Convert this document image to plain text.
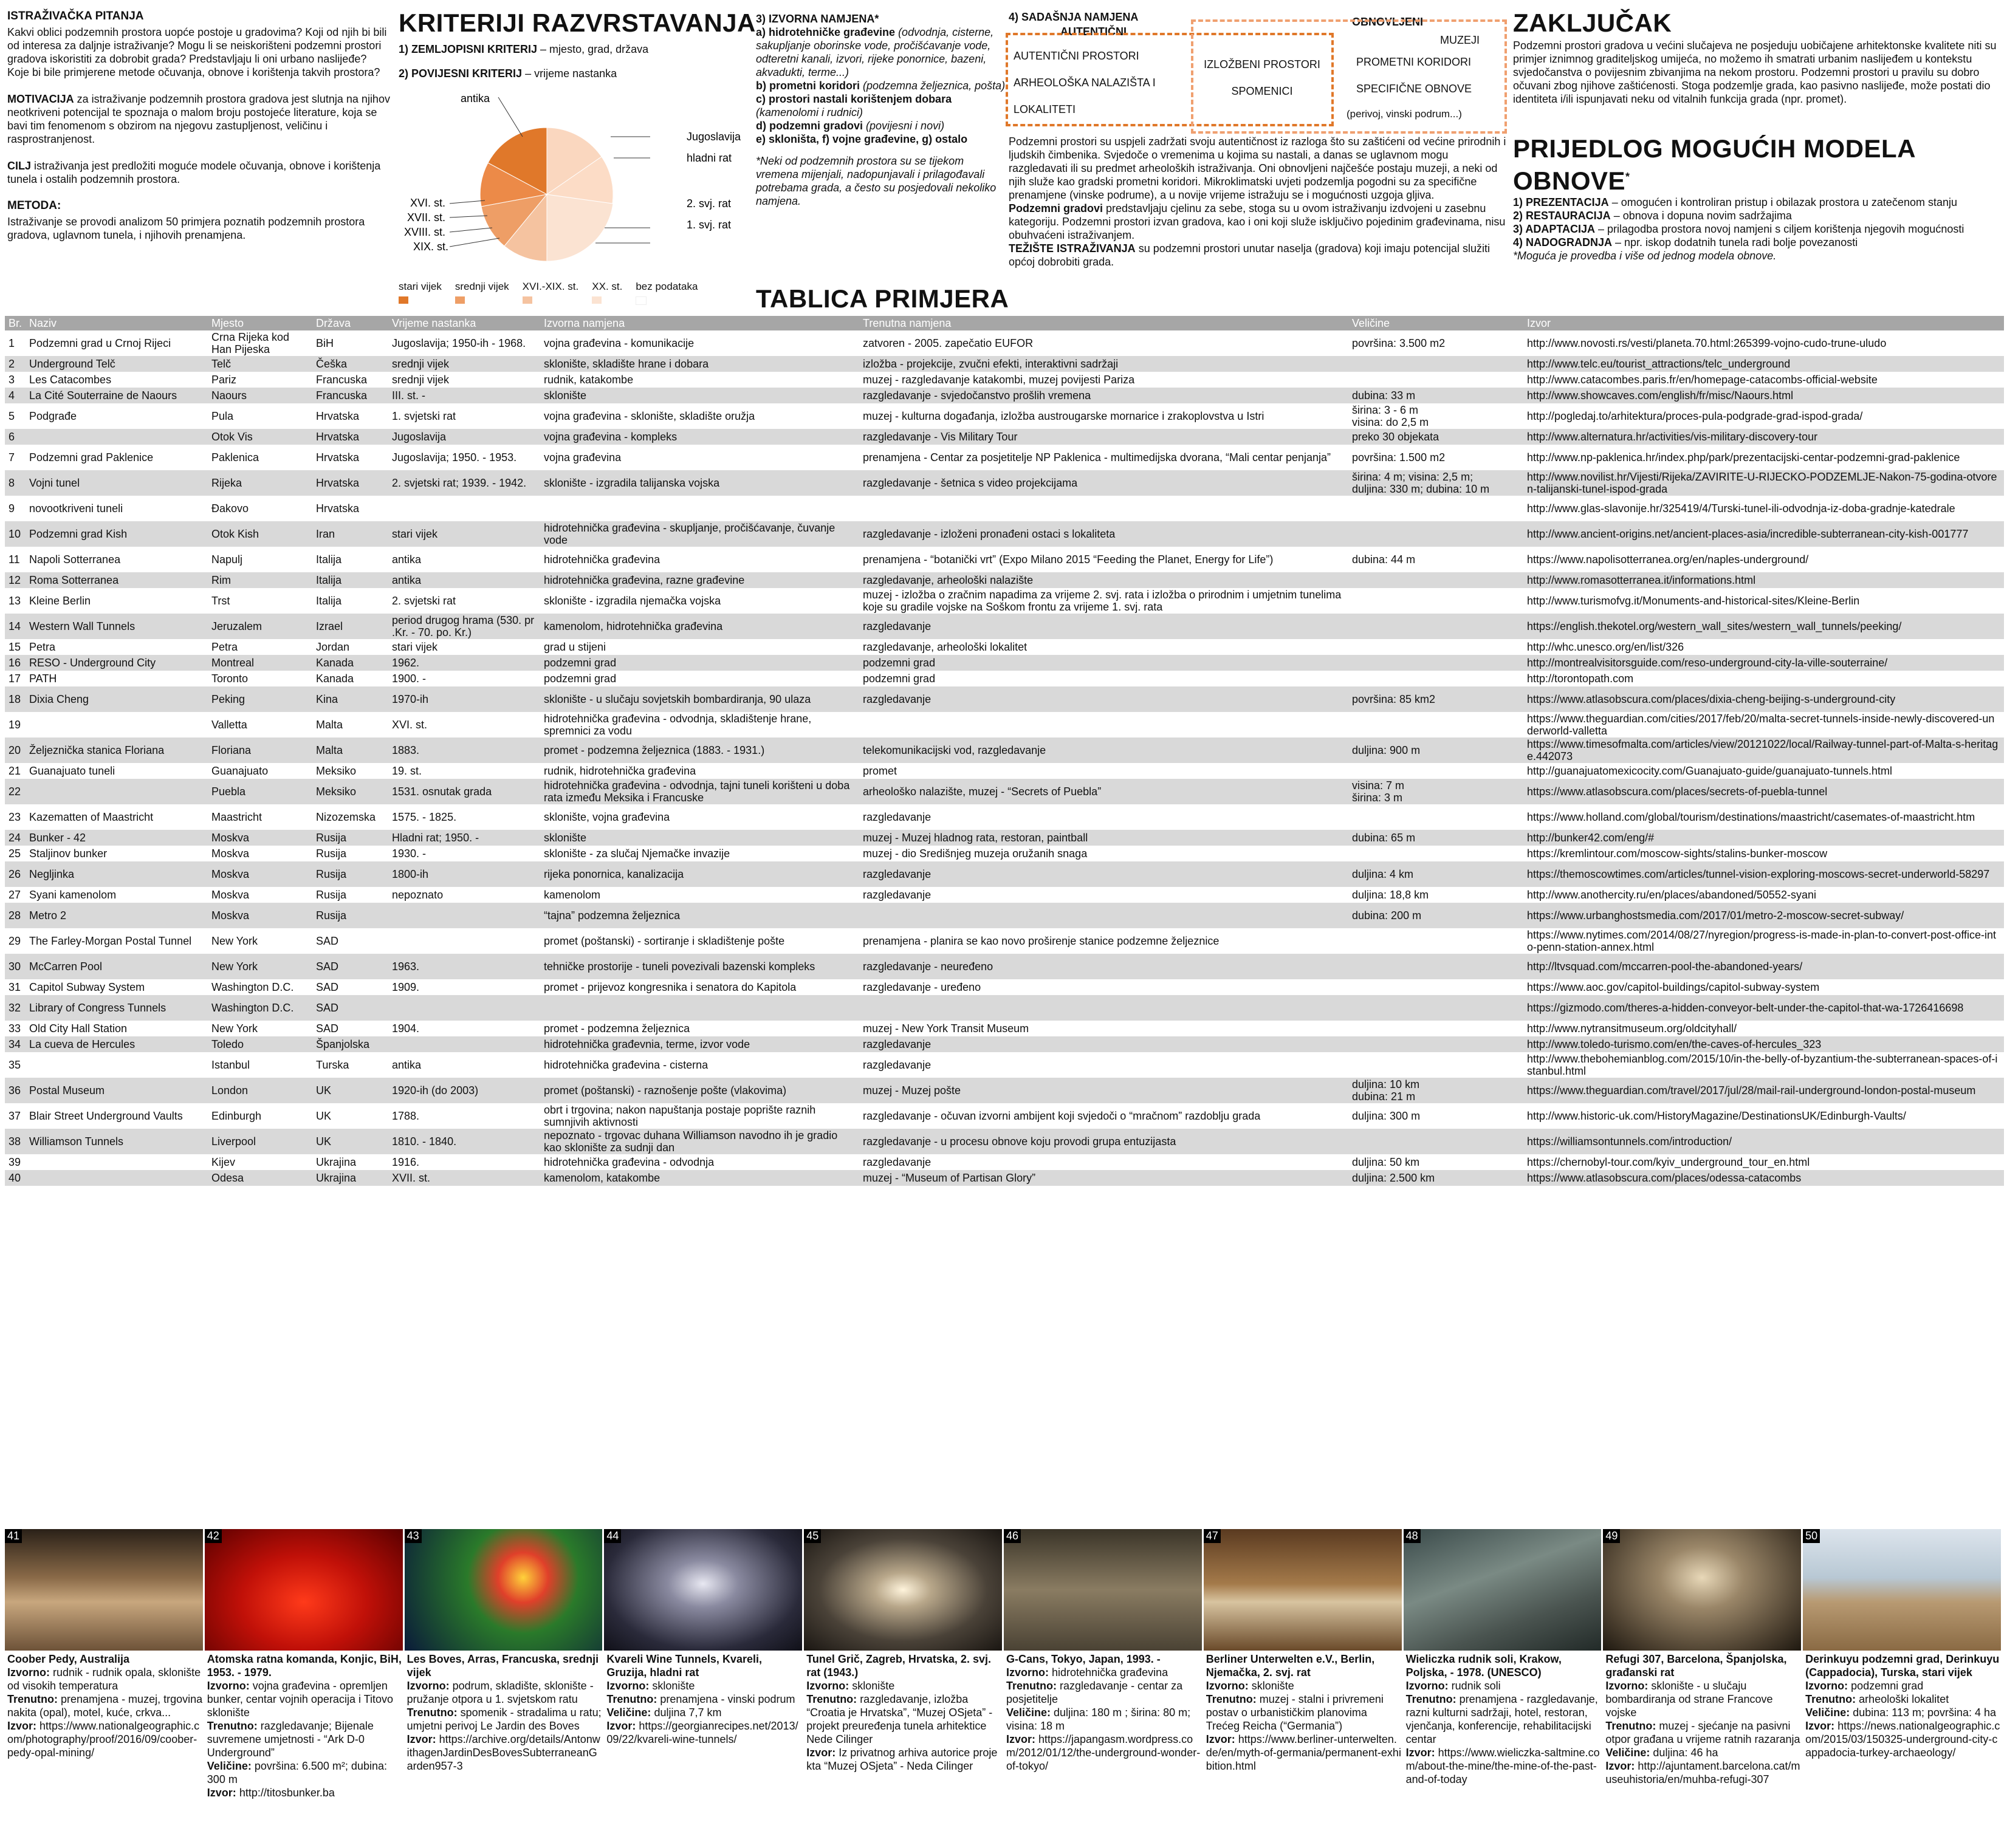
ISTRAŽIVAČKA PITANJA

Kakvi oblici podzemnih prostora uopće postoje u gradovima? Koji od njih bi bili od interesa za daljnje istraživanje? Mogu li se neiskorišteni podzemni prostori gradova iskoristiti za dobrobit grada? Predstavljaju li oni urbano naslijeđe? Koje bi bile primjerene metode očuvanja, obnove i korištenja takvih prostora?

MOTIVACIJA za istraživanje podzemnih prostora gradova jest slutnja na njihov neotkriveni potencijal te spoznaja o malom broju postojeće literature, koja se bavi tim fenomenom s obzirom na njegovu zastupljenost, veličinu i rasprostranjenost.

CILJ istraživanja jest predložiti moguće modele očuvanja, obnove i korištenja tunela i ostalih podzemnih prostora.

METODA:

Istraživanje se provodi analizom 50 primjera poznatih podzemnih prostora gradova, uglavnom tunela, i njihovih prenamjena.

KRITERIJI RAZVRSTAVANJA
1) ZEMLJOPISNI KRITERIJ – mjesto, grad, država
2) POVIJESNI KRITERIJ – vrijeme nastanka
antika
Jugoslavija
hladni rat
2. svj. rat
1. svj. rat
XVI. st.
XVII. st.
XVIII. st.
XIX. st.
stari vijek srednji vijek XVI.-XIX. st. XX. st. bez podataka
3) IZVORNA NAMJENA*
a) hidrotehničke građevine (odvodnja, cisterne, sakupljanje oborinske vode, pročišćavanje vode, odteretni kanali, izvori, rijeke ponornice, bazeni, akvadukti, terme...)
b) prometni koridori (podzemna željeznica, pošta)
c) prostori nastali korištenjem dobara (kamenolomi i rudnici)
d) podzemni gradovi (povijesni i novi)
e) skloništa, f) vojne građevine, g) ostalo
*Neki od podzemnih prostora su se tijekom vremena mijenjali, nadopunjavali i prilagođavali potrebama grada, a često su posjedovali nekoliko namjena.
TABLICA PRIMJERA
4) SADAŠNJA NAMJENA
AUTENTIČNI
OBNOVLJENI
AUTENTIČNI PROSTORI
ARHEOLOŠKA NALAZIŠTA I
LOKALITETI
IZLOŽBENI PROSTORI
SPOMENICI
MUZEJI
PROMETNI KORIDORI
SPECIFIČNE OBNOVE
(perivoj, vinski podrum...)
Podzemni prostori su uspjeli zadržati svoju autentičnost iz razloga što su zaštićeni od većine prirodnih i ljudskih čimbenika. Svjedoče o vremenima u kojima su nastali, a danas se uglavnom mogu razgledavati ili su predmet arheoloških istraživanja. Oni obnovljeni najčešće postaju muzeji, a neki od njih služe kao gradski prometni koridori. Mikroklimatski uvjeti podzemlja pogodni su za specifične prenamjene (vinske podrume), a u novije vrijeme istražuju se i mogućnosti uzgoja gljiva.
Podzemni gradovi predstavljaju cjelinu za sebe, stoga su u ovom istraživanju izdvojeni u zasebnu kategoriju. Podzemni prostori izvan gradova, kao i oni koji služe isključivo pojedinim građevinama, nisu obuhvaćeni istraživanjem.
TEŽIŠTE ISTRAŽIVANJA su podzemni prostori unutar naselja (gradova) koji imaju potencijal služiti općoj dobrobiti grada.
ZAKLJUČAK
Podzemni prostori gradova u većini slučajeva ne posjeduju uobičajene arhitektonske kvalitete niti su primjer iznimnog graditeljskog umijeća, no možemo ih smatrati urbanim naslijeđem u kontekstu svjedočanstva o povijesnim zbivanjima na nekom prostoru. Podzemni prostori u pravilu su dobro očuvani zbog njihove zaštićenosti. Stoga podzemlje grada, kao pasivno naslijeđe, može postati dio identiteta i/ili ispunjavati neku od vitalnih funkcija grada (npr. promet).
PRIJEDLOG MOGUĆIH MODELA OBNOVE*
1) PREZENTACIJA – omogućen i kontroliran pristup i obilazak prostora u zatečenom stanju
2) RESTAURACIJA – obnova i dopuna novim sadržajima
3) ADAPTACIJA – prilagodba prostora novoj namjeni s ciljem korištenja njegovih mogućnosti
4) NADOGRADNJA – npr. iskop dodatnih tunela radi bolje povezanosti
*Moguća je provedba i više od jednog modela obnove.
Br.	Naziv	Mjesto	Država	Vrijeme nastanka	Izvorna namjena	Trenutna namjena	Veličine	Izvor
1	Podzemni grad u Crnoj Rijeci	Crna Rijeka kod Han Pijeska	BiH	Jugoslavija; 1950-ih - 1968.	vojna građevina - komunikacije	zatvoren - 2005. zapečatio EUFOR	površina: 3.500 m2	http://www.novosti.rs/vesti/planeta.70.html:265399-vojno-cudo-trune-uludo
2	Underground Telč	Telč	Češka	srednji vijek	sklonište, skladište hrane i dobara	izložba - projekcije, zvučni efekti, interaktivni sadržaji		http://www.telc.eu/tourist_attractions/telc_underground
3	Les Catacombes	Pariz	Francuska	srednji vijek	rudnik, katakombe	muzej - razgledavanje katakombi, muzej povijesti Pariza		http://www.catacombes.paris.fr/en/homepage-catacombs-official-website
4	La Cité Souterraine de Naours	Naours	Francuska	III. st. -	sklonište	razgledavanje - svjedočanstvo prošlih vremena	dubina: 33 m	http://www.showcaves.com/english/fr/misc/Naours.html
5	Podgrađe	Pula	Hrvatska	1. svjetski rat	vojna građevina - sklonište, skladište oružja	muzej - kulturna događanja, izložba austrougarske mornarice i zrakoplovstva u Istri	širina: 3 - 6 m
visina: do 2,5 m	http://pogledaj.to/arhitektura/proces-pula-podgrade-grad-ispod-grada/
6		Otok Vis	Hrvatska	Jugoslavija	vojna građevina - kompleks	razgledavanje - Vis Military Tour	preko 30 objekata	http://www.alternatura.hr/activities/vis-military-discovery-tour
7	Podzemni grad Paklenice	Paklenica	Hrvatska	Jugoslavija; 1950. - 1953.	vojna građevina	prenamjena - Centar za posjetitelje NP Paklenica - multimedijska dvorana, “Mali centar penjanja”	površina: 1.500 m2	http://www.np-paklenica.hr/index.php/park/prezentacijski-centar-podzemni-grad-paklenice
8	Vojni tunel	Rijeka	Hrvatska	2. svjetski rat; 1939. - 1942.	sklonište - izgradila talijanska vojska	razgledavanje - šetnica s video projekcijama	širina: 4 m; visina: 2,5 m;
duljina: 330 m; dubina: 10 m	http://www.novilist.hr/Vijesti/Rijeka/ZAVIRITE-U-RIJECKO-PODZEMLJE-Nakon-75-godina-otvoren-talijanski-tunel-ispod-grada
9	novootkriveni tuneli	Đakovo	Hrvatska					http://www.glas-slavonije.hr/325419/4/Turski-tunel-ili-odvodnja-iz-doba-gradnje-katedrale
10	Podzemni grad Kish	Otok Kish	Iran	stari vijek	hidrotehnička građevina - skupljanje, pročišćavanje, čuvanje vode	razgledavanje - izloženi pronađeni ostaci s lokaliteta		http://www.ancient-origins.net/ancient-places-asia/incredible-subterranean-city-kish-001777
11	Napoli Sotterranea	Napulj	Italija	antika	hidrotehnička građevina	prenamjena - “botanički vrt” (Expo Milano 2015 “Feeding the Planet, Energy for Life”)	dubina: 44 m	https://www.napolisotterranea.org/en/naples-underground/
12	Roma Sotterranea	Rim	Italija	antika	hidrotehnička građevina, razne građevine	razgledavanje, arheološki nalazište		http://www.romasotterranea.it/informations.html
13	Kleine Berlin	Trst	Italija	2. svjetski rat	sklonište - izgradila njemačka vojska	muzej - izložba o zračnim napadima za vrijeme 2. svj. rata i izložba o prirodnim i umjetnim tunelima koje su gradile vojske na Soškom frontu za vrijeme 1. svj. rata		http://www.turismofvg.it/Monuments-and-historical-sites/Kleine-Berlin
14	Western Wall Tunnels	Jeruzalem	Izrael	period drugog hrama (530. pr .Kr. - 70. po. Kr.)	kamenolom, hidrotehnička građevina	razgledavanje		https://english.thekotel.org/western_wall_sites/western_wall_tunnels/peeking/
15	Petra	Petra	Jordan	stari vijek	grad u stijeni	razgledavanje, arheološki lokalitet		http://whc.unesco.org/en/list/326
16	RESO - Underground City	Montreal	Kanada	1962.	podzemni grad	podzemni grad		http://montrealvisitorsguide.com/reso-underground-city-la-ville-souterraine/
17	PATH	Toronto	Kanada	1900. -	podzemni grad	podzemni grad		http://torontopath.com
18	Dixia Cheng	Peking	Kina	1970-ih	sklonište - u slučaju sovjetskih bombardiranja, 90 ulaza	razgledavanje	površina: 85 km2	https://www.atlasobscura.com/places/dixia-cheng-beijing-s-underground-city
19		Valletta	Malta	XVI. st.	hidrotehnička građevina - odvodnja, skladištenje hrane, spremnici za vodu			https://www.theguardian.com/cities/2017/feb/20/malta-secret-tunnels-inside-newly-discovered-underworld-valletta
20	Željeznička stanica Floriana	Floriana	Malta	1883.	promet - podzemna željeznica (1883. - 1931.)	telekomunikacijski vod, razgledavanje	duljina: 900 m	https://www.timesofmalta.com/articles/view/20121022/local/Railway-tunnel-part-of-Malta-s-heritage.442073
21	Guanajuato tuneli	Guanajuato	Meksiko	19. st.	rudnik, hidrotehnička građevina	promet		http://guanajuatomexicocity.com/Guanajuato-guide/guanajuato-tunnels.html
22		Puebla	Meksiko	1531. osnutak grada	hidrotehnička građevina - odvodnja, tajni tuneli korišteni u doba rata između Meksika i Francuske	arheološko nalazište, muzej - “Secrets of Puebla”	visina: 7 m
širina: 3 m	https://www.atlasobscura.com/places/secrets-of-puebla-tunnel
23	Kazematten of Maastricht	Maastricht	Nizozemska	1575. - 1825.	sklonište, vojna građevina	razgledavanje		https://www.holland.com/global/tourism/destinations/maastricht/casemates-of-maastricht.htm
24	Bunker - 42	Moskva	Rusija	Hladni rat; 1950. -	sklonište	muzej - Muzej hladnog rata, restoran, paintball	dubina: 65 m	http://bunker42.com/eng/#
25	Staljinov bunker	Moskva	Rusija	1930. -	sklonište - za slučaj Njemačke invazije	muzej - dio Središnjeg muzeja oružanih snaga		https://kremlintour.com/moscow-sights/stalins-bunker-moscow
26	Negljinka	Moskva	Rusija	1800-ih	rijeka ponornica, kanalizacija	razgledavanje	duljina: 4 km	https://themoscowtimes.com/articles/tunnel-vision-exploring-moscows-secret-underworld-58297
27	Syani kamenolom	Moskva	Rusija	nepoznato	kamenolom	razgledavanje	duljina: 18,8 km	http://www.anothercity.ru/en/places/abandoned/50552-syani
28	Metro 2	Moskva	Rusija		“tajna” podzemna željeznica		dubina: 200 m	https://www.urbanghostsmedia.com/2017/01/metro-2-moscow-secret-subway/
29	The Farley-Morgan Postal Tunnel	New York	SAD		promet (poštanski) - sortiranje i skladištenje pošte	prenamjena - planira se kao novo proširenje stanice podzemne željeznice		https://www.nytimes.com/2014/08/27/nyregion/progress-is-made-in-plan-to-convert-post-office-into-penn-station-annex.html
30	McCarren Pool	New York	SAD	1963.	tehničke prostorije - tuneli povezivali bazenski kompleks	razgledavanje - neuređeno		http://ltvsquad.com/mccarren-pool-the-abandoned-years/
31	Capitol Subway System	Washington D.C.	SAD	1909.	promet - prijevoz kongresnika i senatora do Kapitola	razgledavanje - uređeno		https://www.aoc.gov/capitol-buildings/capitol-subway-system
32	Library of Congress Tunnels	Washington D.C.	SAD					https://gizmodo.com/theres-a-hidden-conveyor-belt-under-the-capitol-that-wa-1726416698
33	Old City Hall Station	New York	SAD	1904.	promet - podzemna željeznica	muzej - New York Transit Museum		http://www.nytransitmuseum.org/oldcityhall/
34	La cueva de Hercules	Toledo	Španjolska		hidrotehnička građevnia, terme, izvor vode	razgledavanje		http://www.toledo-turismo.com/en/the-caves-of-hercules_323
35		Istanbul	Turska	antika	hidrotehnička građevina - cisterna	razgledavanje		http://www.thebohemianblog.com/2015/10/in-the-belly-of-byzantium-the-subterranean-spaces-of-istanbul.html
36	Postal Museum	London	UK	1920-ih (do 2003)	promet (poštanski) - raznošenje pošte (vlakovima)	muzej - Muzej pošte	duljina: 10 km
dubina: 21 m	https://www.theguardian.com/travel/2017/jul/28/mail-rail-underground-london-postal-museum
37	Blair Street Underground Vaults	Edinburgh	UK	1788.	obrt i trgovina; nakon napuštanja postaje poprište raznih sumnjivih aktivnosti	razgledavanje - očuvan izvorni ambijent koji svjedoči o “mračnom” razdoblju grada	duljina: 300 m	http://www.historic-uk.com/HistoryMagazine/DestinationsUK/Edinburgh-Vaults/
38	Williamson Tunnels	Liverpool	UK	1810. - 1840.	nepoznato - trgovac duhana Williamson navodno ih je gradio kao sklonište za sudnji dan	razgledavanje - u procesu obnove koju provodi grupa entuzijasta		https://williamsontunnels.com/introduction/
39		Kijev	Ukrajina	1916.	hidrotehnička građevina - odvodnja	razgledavanje	duljina: 50 km	https://chernobyl-tour.com/kyiv_underground_tour_en.html
40		Odesa	Ukrajina	XVII. st.	kamenolom, katakombe	muzej - “Museum of Partisan Glory”	duljina: 2.500 km	https://www.atlasobscura.com/places/odessa-catacombs
41	42	43	44	45	46	47	48	49	50
Coober Pedy, Australija
Izvorno: rudnik - rudnik opala, sklonište od visokih temperatura
Trenutno: prenamjena - muzej, trgovina nakita (opal), motel, kuće, crkva...
Izvor: https://www.nationalgeographic.com/photography/proof/2016/09/coober-pedy-opal-mining/
Atomska ratna komanda, Konjic, BiH, 1953. - 1979.
Izvorno: vojna građevina - opremljen bunker, centar vojnih operacija i Titovo sklonište
Trenutno: razgledavanje; Bijenale suvremene umjetnosti - “Ark D-0 Underground”
Veličine: površina: 6.500 m²; dubina: 300 m
Izvor: http://titosbunker.ba
Les Boves, Arras, Francuska, srednji vijek
Izvorno: podrum, skladište, sklonište - pružanje otpora u 1. svjetskom ratu
Trenutno: spomenik - stradalima u ratu; umjetni perivoj Le Jardin des Boves
Izvor: https://archive.org/details/AntonwithagenJardinDesBovesSubterraneanGarden957-3
Kvareli Wine Tunnels, Kvareli, Gruzija, hladni rat
Izvorno: sklonište
Trenutno: prenamjena - vinski podrum
Veličine: duljina 7,7 km
Izvor: https://georgianrecipes.net/2013/09/22/kvareli-wine-tunnels/
Tunel Grič, Zagreb, Hrvatska, 2. svj. rat (1943.)
Izvorno: sklonište
Trenutno: razgledavanje, izložba “Croatia je Hrvatska”, “Muzej OSjeta” - projekt preuređenja tunela arhitektice Nede Cilinger
Izvor: Iz privatnog arhiva autorice projekta “Muzej OSjeta” - Neda Cilinger
G-Cans, Tokyo, Japan, 1993. -
Izvorno: hidrotehnička građevina
Trenutno: razgledavanje - centar za posjetitelje
Veličine: duljina: 180 m ; širina: 80 m; visina: 18 m
Izvor: https://japangasm.wordpress.com/2012/01/12/the-underground-wonder-of-tokyo/
Berliner Unterwelten e.V., Berlin, Njemačka, 2. svj. rat
Izvorno: sklonište
Trenutno: muzej - stalni i privremeni postav o urbanističkim planovima Trećeg Reicha (“Germania”)
Izvor: https://www.berliner-unterwelten.de/en/myth-of-germania/permanent-exhibition.html
Wieliczka rudnik soli, Krakow, Poljska, - 1978. (UNESCO)
Izvorno: rudnik soli
Trenutno: prenamjena - razgledavanje, razni kulturni sadržaji, hotel, restoran, vjenčanja, konferencije, rehabilitacijski centar
Izvor: https://www.wieliczka-saltmine.com/about-the-mine/the-mine-of-the-past-and-of-today
Refugi 307, Barcelona, Španjolska, građanski rat
Izvorno: sklonište - u slučaju bombardiranja od strane Francove vojske
Trenutno: muzej - sjećanje na pasivni otpor građana u vrijeme ratnih razaranja
Veličine: duljina: 46 ha
Izvor: http://ajuntament.barcelona.cat/museuhistoria/en/muhba-refugi-307
Derinkuyu podzemni grad, Derinkuyu (Cappadocia), Turska, stari vijek
Izvorno: podzemni grad
Trenutno: arheološki lokalitet
Veličine: dubina: 113 m; površina: 4 ha
Izvor: https://news.nationalgeographic.com/2015/03/150325-underground-city-cappadocia-turkey-archaeology/
